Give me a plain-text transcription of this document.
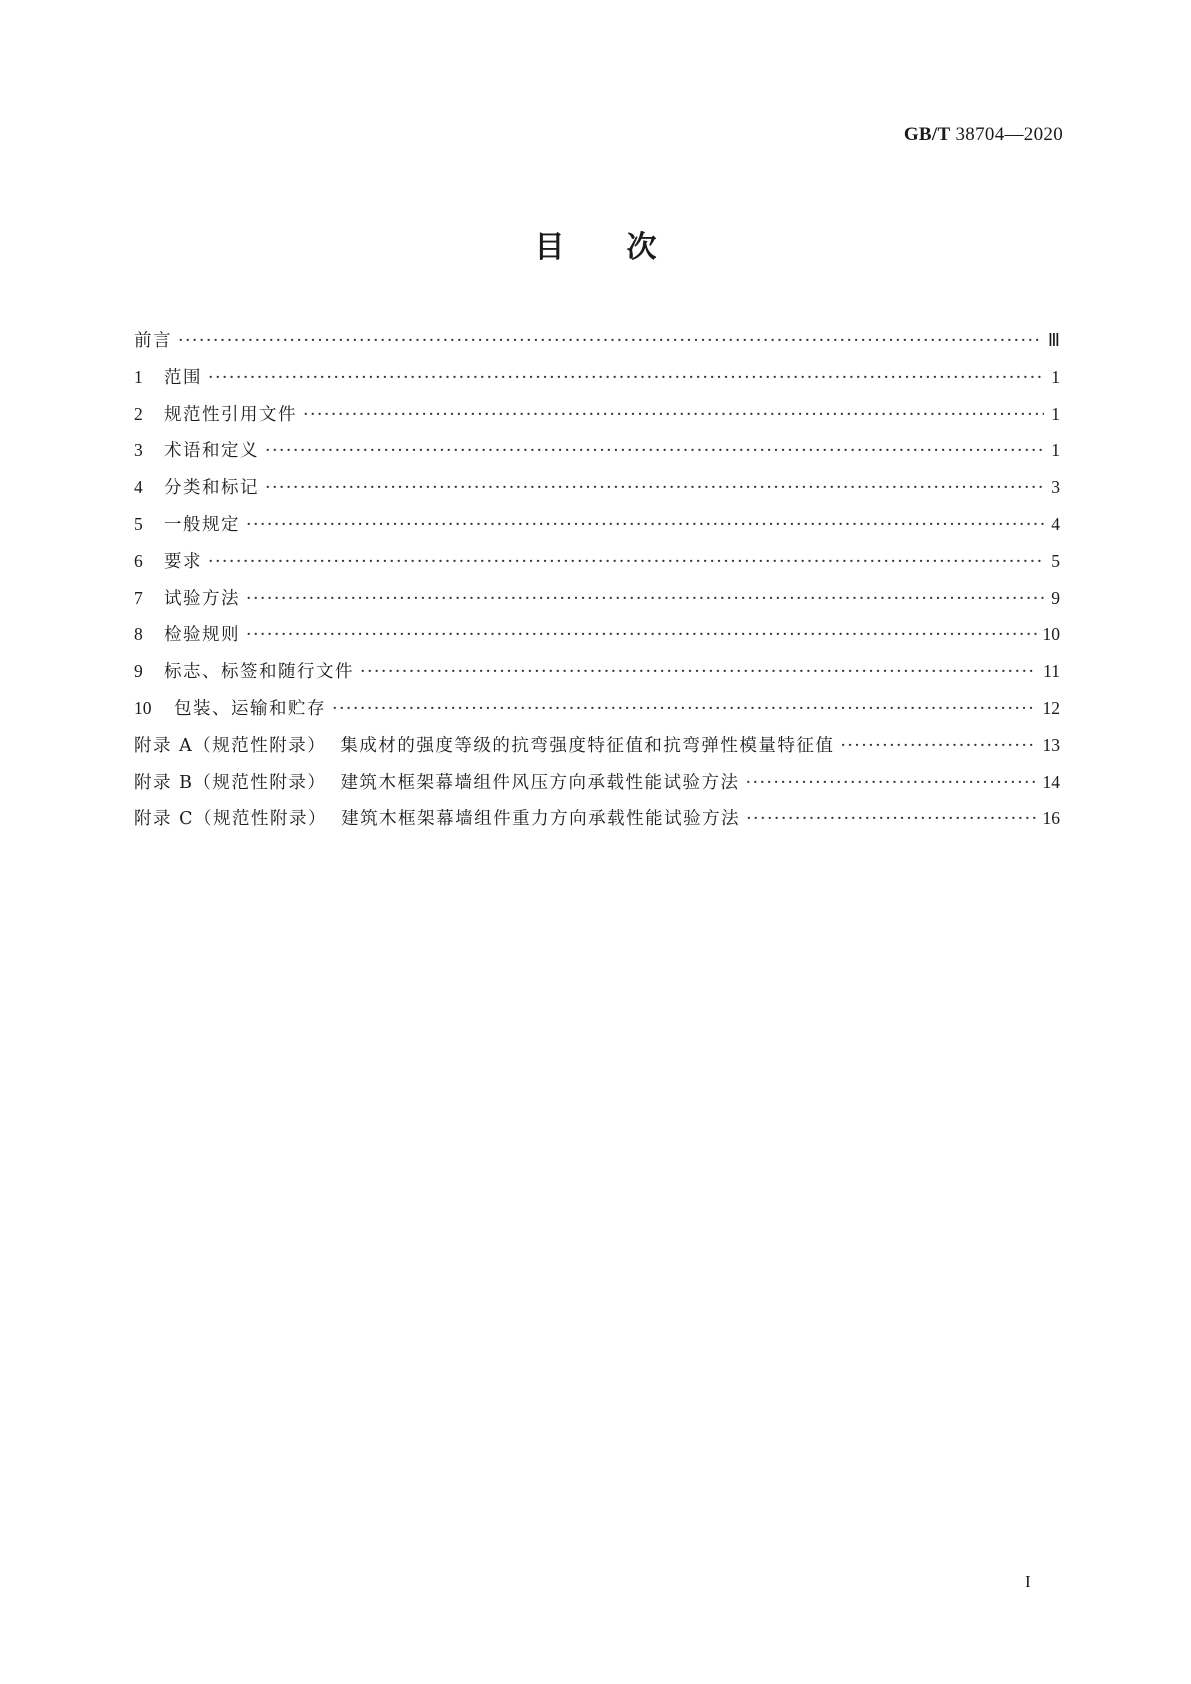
GB/T 38704—2020
目 次
前言 ·····	Ⅲ
1	范围 ·····	1
2	规范性引用文件 ·····	1
3	术语和定义 ·····	1
4	分类和标记 ·····	3
5	一般规定 ·····	4
6	要求 ·····	5
7	试验方法 ·····	9
8	检验规则 ·····	10
9	标志、标签和随行文件 ·····	11
10	包装、运输和贮存 ·····	12
附录 A（规范性附录）  集成材的强度等级的抗弯强度特征值和抗弯弹性模量特征值 ·····	13
附录 B（规范性附录）  建筑木框架幕墙组件风压方向承载性能试验方法 ·····	14
附录 C（规范性附录）  建筑木框架幕墙组件重力方向承载性能试验方法 ·····	16
I
